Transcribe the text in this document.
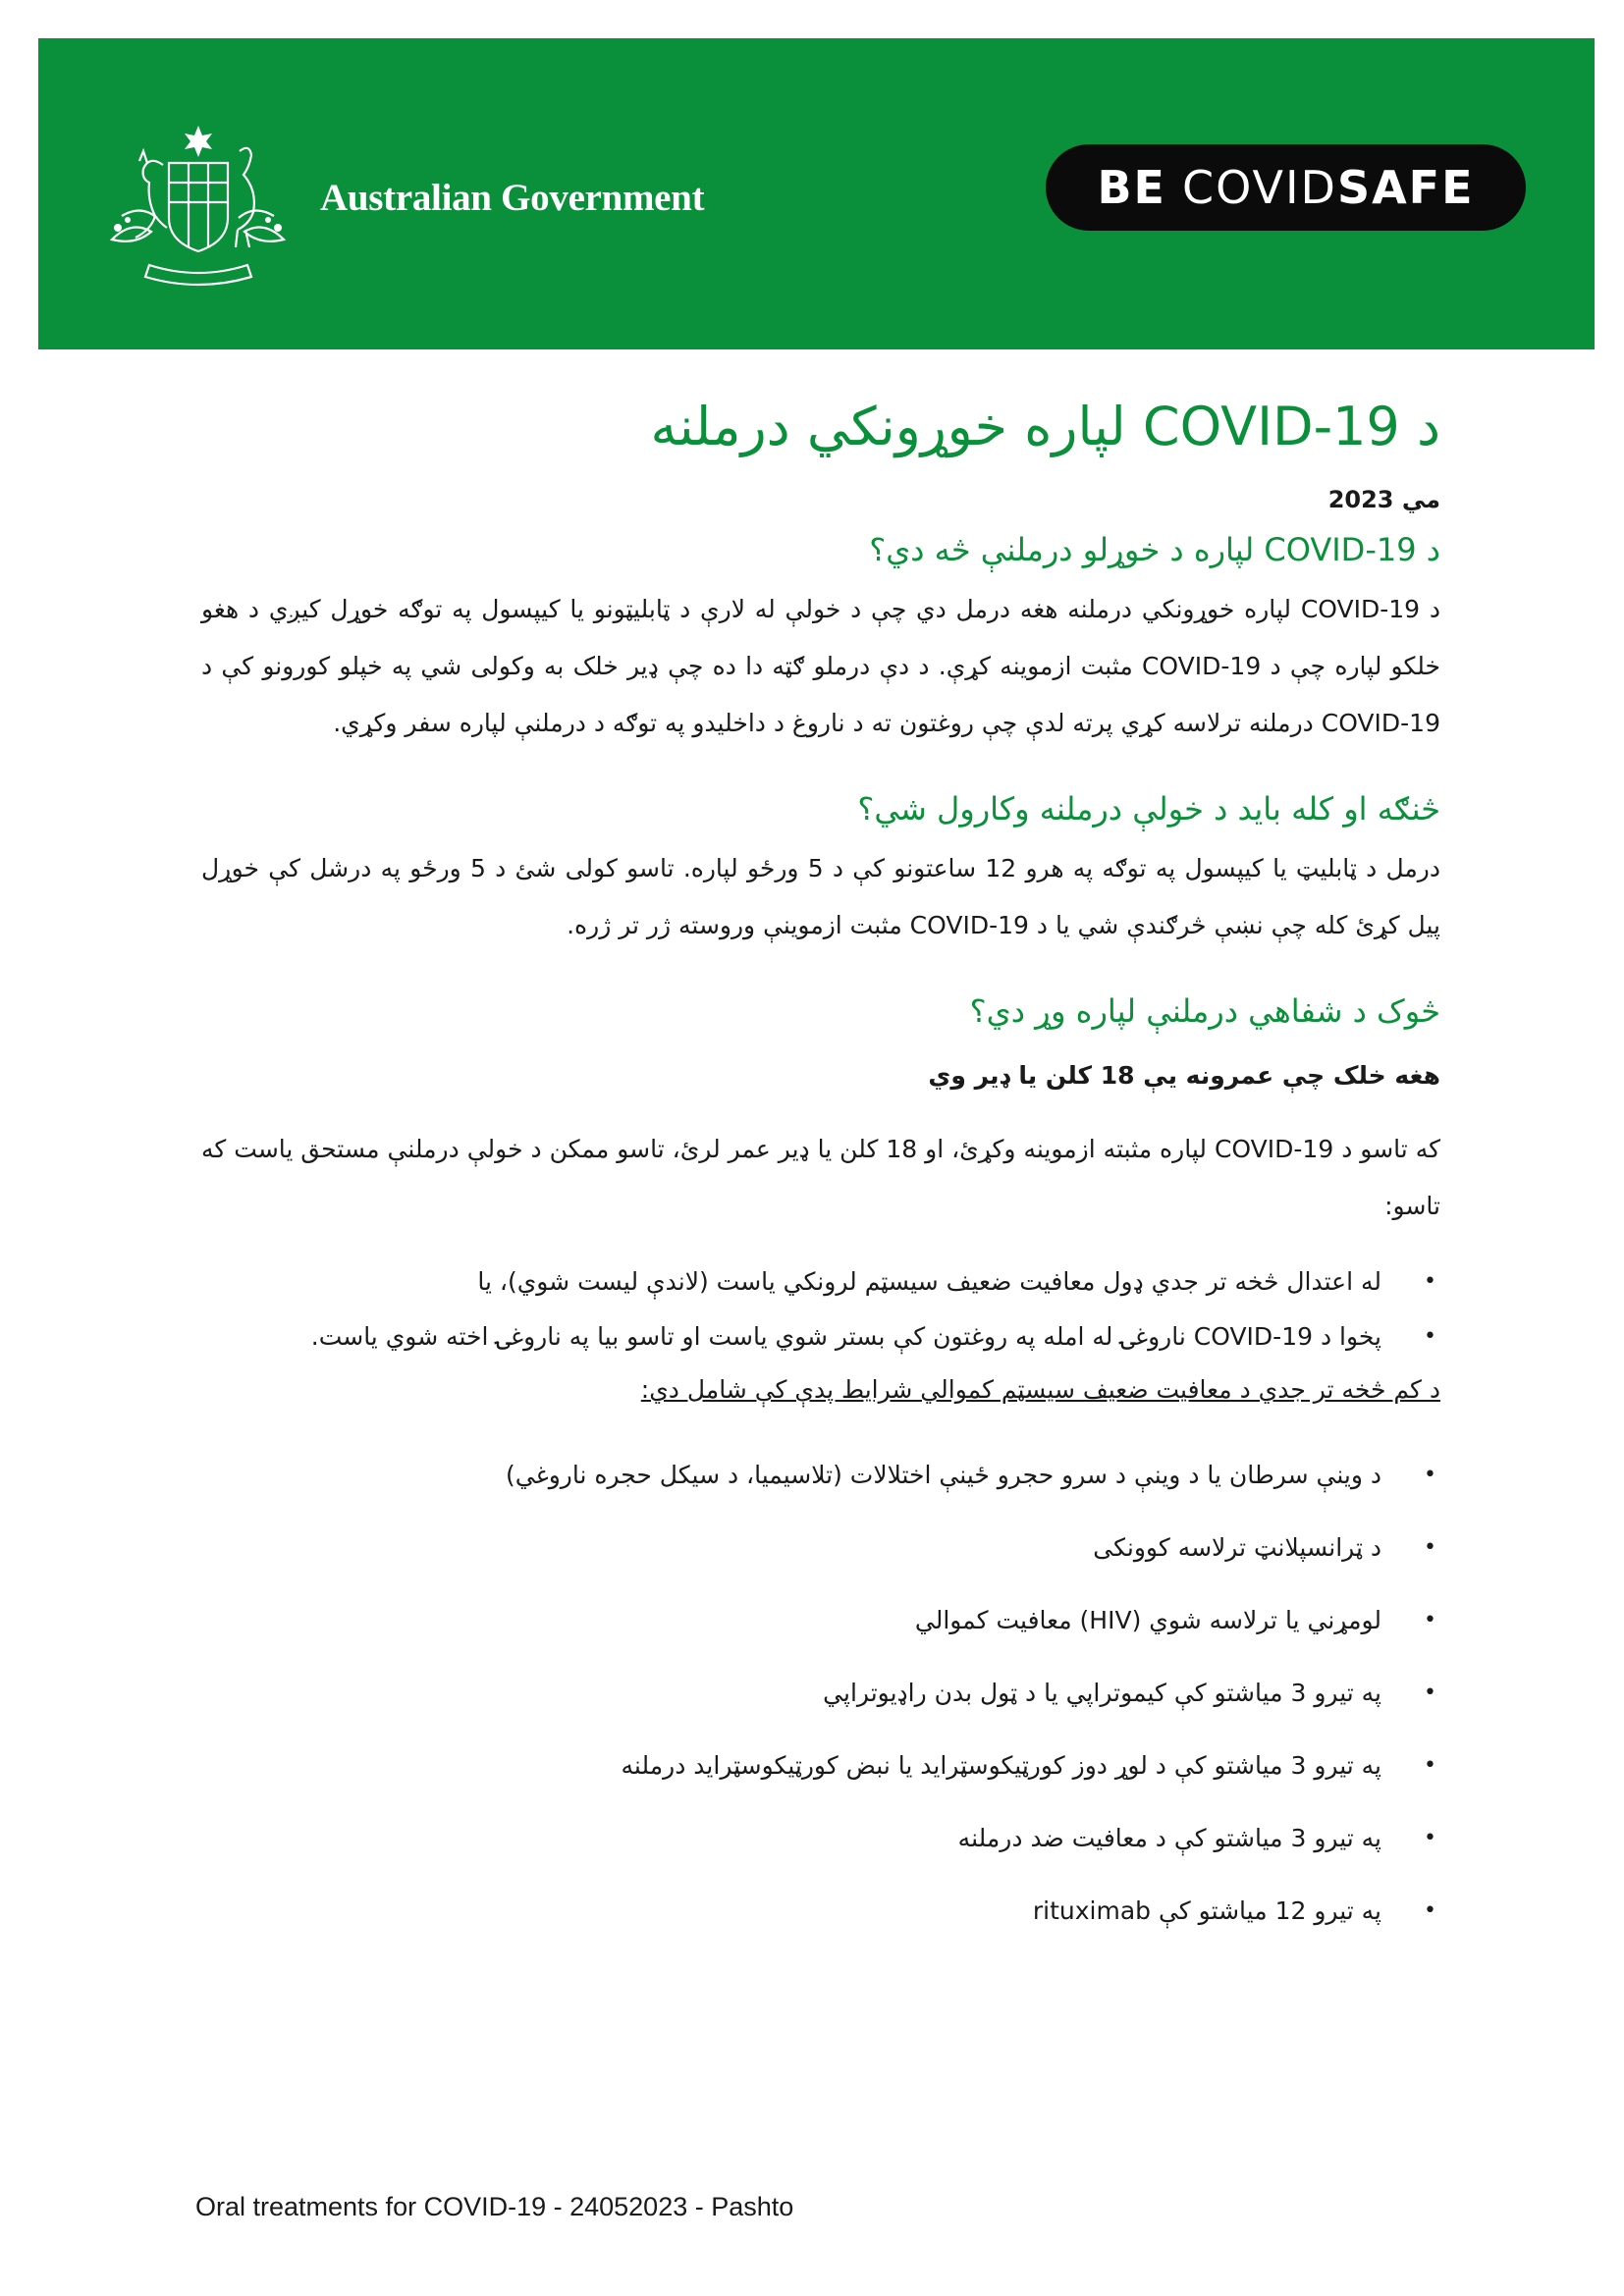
Australian Government	BE COVID SAFE
د COVID-19 لپاره خوړونکي درملنه
مي 2023
د COVID-19 لپاره د خوړلو درملنې څه دي؟

د COVID-19 لپاره خوړونکي درملنه هغه درمل دي چې د خولې له لارې د ټابلیټونو یا کیپسول په توګه خوړل کیږي د هغو خلکو لپاره چې د COVID-19 مثبت ازموینه کړې. د دې درملو ګټه دا ده چې ډیر خلک به وکولی شي په خپلو کورونو کې د COVID-19 درملنه ترلاسه کړي پرته لدې چې روغتون ته د ناروغ د داخلیدو په توګه د درملنې لپاره سفر وکړي.

څنګه او کله باید د خولې درملنه وکارول شي؟

درمل د ټابلیټ یا کیپسول په توګه په هرو 12 ساعتونو کې د 5 ورځو لپاره. تاسو کولی شئ د 5 ورځو په درشل کې خوړل پیل کړئ کله چې نښې څرګندې شي یا د COVID-19 مثبت ازموینې وروسته ژر تر ژره.

څوک د شفاهي درملنې لپاره وړ دي؟
هغه خلک چې عمرونه یې 18 کلن یا ډیر وي

که تاسو د COVID-19 لپاره مثبته ازموینه وکړئ، او 18 کلن یا ډیر عمر لرئ، تاسو ممکن د خولې درملنې مستحق یاست که تاسو:

• له اعتدال څخه تر جدي ډول معافیت ضعیف سیسټم لرونکي یاست (لاندې لیست شوي)، یا
• پخوا د COVID-19 ناروغۍ له امله په روغتون کې بستر شوي یاست او تاسو بیا په ناروغۍ اخته شوي یاست.
د کم څخه تر جدي د معافیت ضعیف سیسټم کموالي شرایط پدې کې شامل دي:
• د وینې سرطان یا د وینې د سرو حجرو ځینې اختلالات (تلاسیمیا، د سیکل حجره ناروغي)
• د ټرانسپلانټ ترلاسه کوونکی
• لومړني یا ترلاسه شوي (HIV) معافیت کموالي
• په تیرو 3 میاشتو کې کیموتراپي یا د ټول بدن راډیوتراپي
• په تیرو 3 میاشتو کې د لوړ دوز کورټیکوسټراید یا نبض کورټیکوسټراید درملنه
• په تیرو 3 میاشتو کې د معافیت ضد درملنه
• په تیرو 12 میاشتو کې rituximab
Oral treatments for COVID-19 - 24052023 - Pashto
